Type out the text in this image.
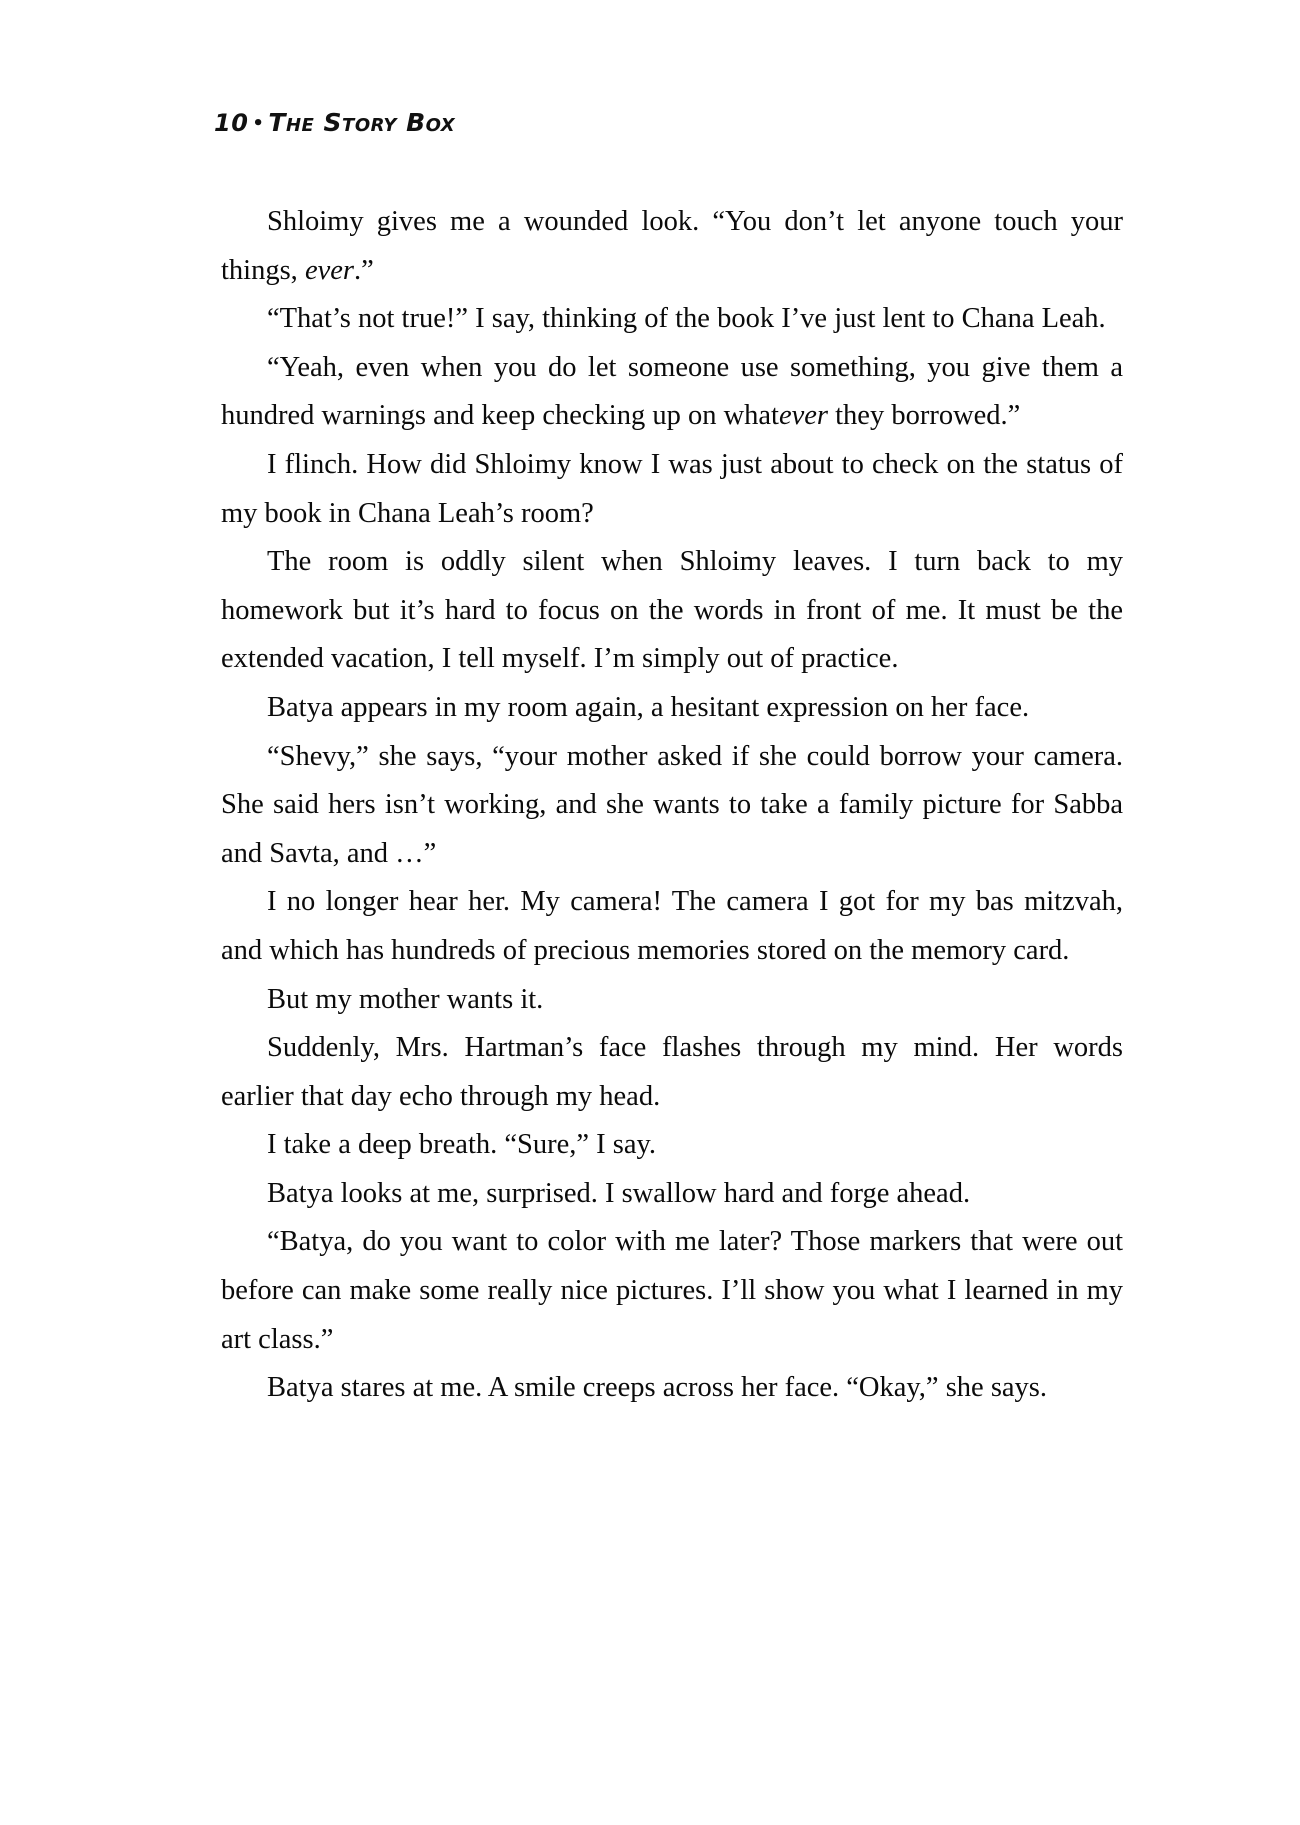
10 • The Story Box

Shloimy gives me a wounded look. “You don’t let anyone touch your things, ever.”

“That’s not true!” I say, thinking of the book I’ve just lent to Chana Leah.

“Yeah, even when you do let someone use something, you give them a hundred warnings and keep checking up on whatever they borrowed.”

I flinch. How did Shloimy know I was just about to check on the status of my book in Chana Leah’s room?

The room is oddly silent when Shloimy leaves. I turn back to my homework but it’s hard to focus on the words in front of me. It must be the extended vacation, I tell myself. I’m simply out of practice.

Batya appears in my room again, a hesitant expression on her face.

“Shevy,” she says, “your mother asked if she could borrow your camera. She said hers isn’t working, and she wants to take a family picture for Sabba and Savta, and …”

I no longer hear her. My camera! The camera I got for my bas mitzvah, and which has hundreds of precious memories stored on the memory card.

But my mother wants it.

Suddenly, Mrs. Hartman’s face flashes through my mind. Her words earlier that day echo through my head.

I take a deep breath. “Sure,” I say.

Batya looks at me, surprised. I swallow hard and forge ahead.

“Batya, do you want to color with me later? Those markers that were out before can make some really nice pictures. I’ll show you what I learned in my art class.”

Batya stares at me. A smile creeps across her face. “Okay,” she says.
